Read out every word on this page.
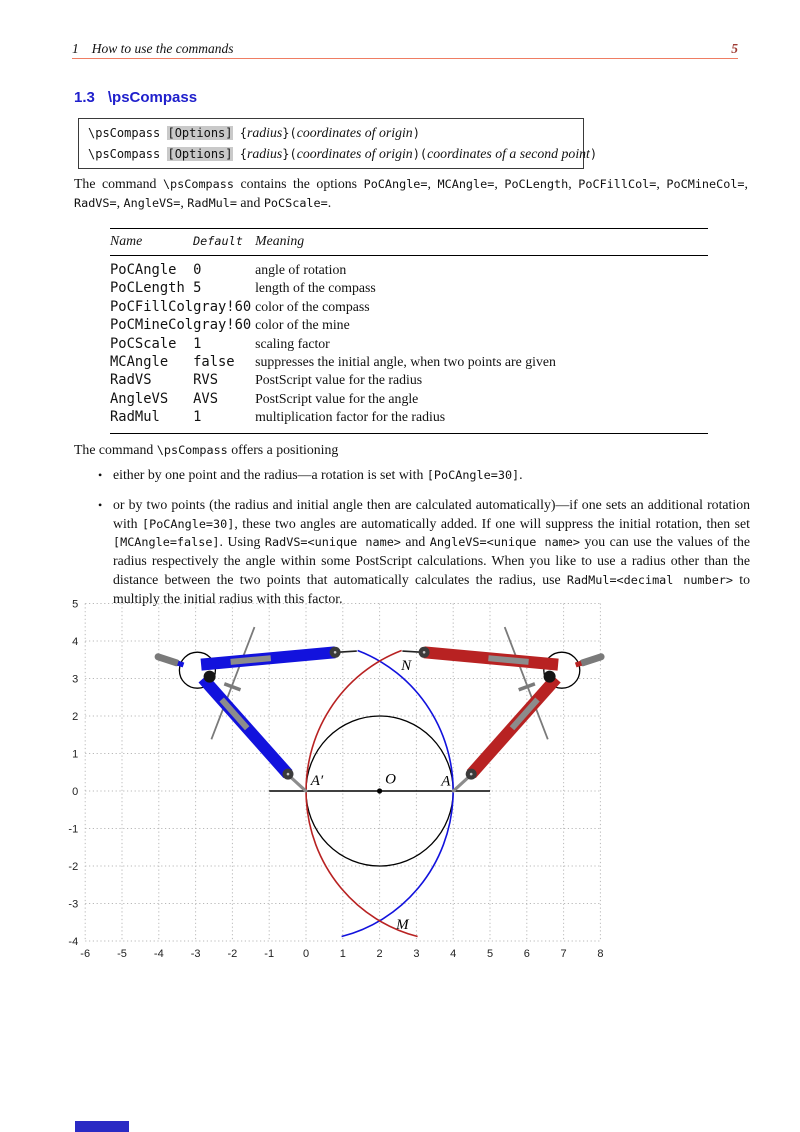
1 How to use the commands	5
1.3 \psCompass
\psCompass [Options] {radius}(coordinates of origin)
\psCompass [Options] {radius}(coordinates of origin)(coordinates of a second point)

The command \psCompass contains the options PoCAngle=, MCAngle=, PoCLength, PoCFillCol=, PoCMineCol=, RadVS=, AngleVS=, RadMul= and PoCScale=.

Name	Default	Meaning
PoCAngle	0	angle of rotation
PoCLength	5	length of the compass
PoCFillCol	gray!60	color of the compass
PoCMineCol	gray!60	color of the mine
PoCScale	1	scaling factor
MCAngle	false	suppresses the initial angle, when two points are given
RadVS	RVS	PostScript value for the radius
AngleVS	AVS	PostScript value for the angle
RadMul	1	multiplication factor for the radius

The command \psCompass offers a positioning

• either by one point and the radius—a rotation is set with [PoCAngle=30].
• or by two points (the radius and initial angle then are calculated automatically)—if one sets an additional rotation with [PoCAngle=30], these two angles are automatically added. If one will suppress the initial rotation, then set [MCAngle=false]. Using RadVS=<unique name> and AngleVS=<unique name> you can use the values of the radius respectively the angle within some PostScript calculations. When you like to use a radius other than the distance between the two points that automatically calculates the radius, use RadMul=<decimal number> to multiply the initial radius with this factor.
-6 -5 -4 -3 -2 -1	0	1	2	3	4	5	6	7	8
5
4
3
2
1
0
-1
-2
-3
-4
A′	O	A
N
M
